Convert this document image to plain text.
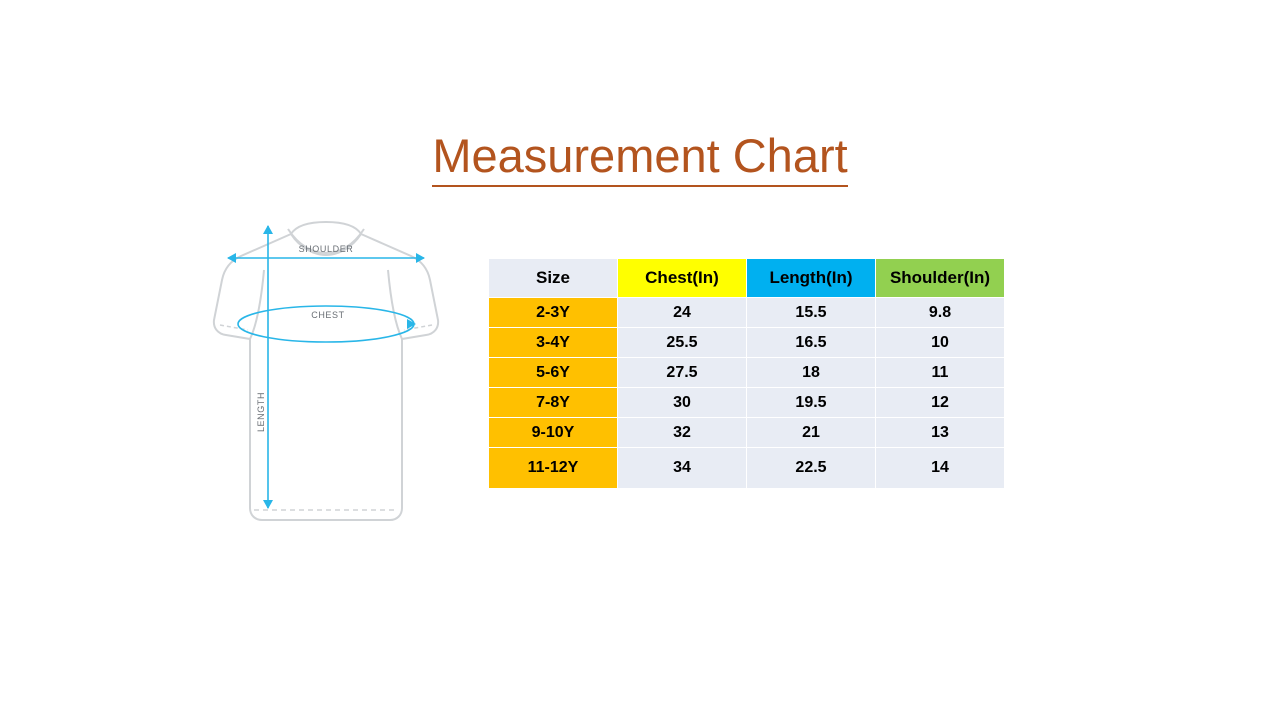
Measurement Chart
SHOULDER
CHEST
LENGTH
Size	Chest(In)	Length(In)	Shoulder(In)
2-3Y	24	15.5	9.8
3-4Y	25.5	16.5	10
5-6Y	27.5	18	11
7-8Y	30	19.5	12
9-10Y	32	21	13
11-12Y	34	22.5	14
